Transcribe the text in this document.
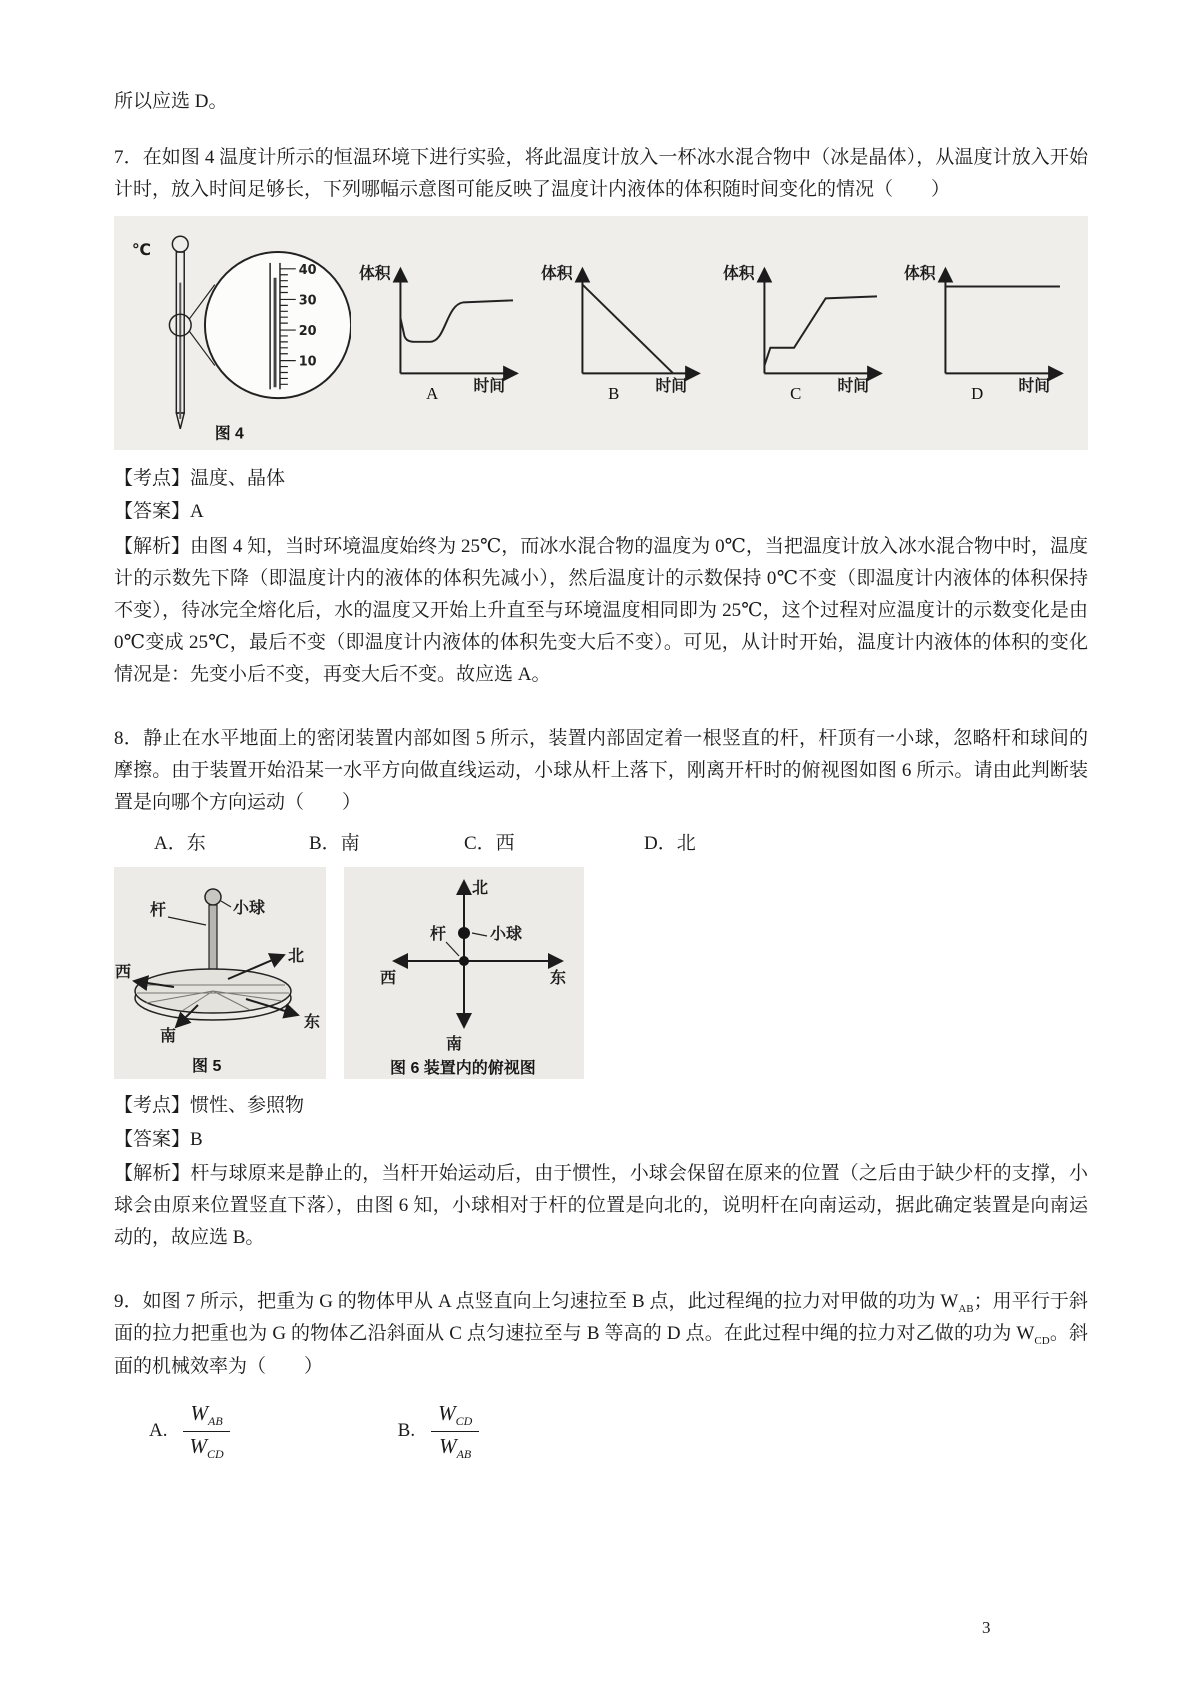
所以应选 D。

7．在如图 4 温度计所示的恒温环境下进行实验，将此温度计放入一杯冰水混合物中（冰是晶体），从温度计放入开始计时，放入时间足够长，下列哪幅示意图可能反映了温度计内液体的体积随时间变化的情况（　　）

℃
40
30
20
10
图 4
体积
时间
A
体积
时间
B
体积
时间
C
体积
时间
D

【考点】温度、晶体

【答案】A

【解析】由图 4 知，当时环境温度始终为 25℃，而冰水混合物的温度为 0℃，当把温度计放入冰水混合物中时，温度计的示数先下降（即温度计内的液体的体积先减小），然后温度计的示数保持 0℃不变（即温度计内液体的体积保持不变），待冰完全熔化后，水的温度又开始上升直至与环境温度相同即为 25℃，这个过程对应温度计的示数变化是由 0℃变成 25℃，最后不变（即温度计内液体的体积先变大后不变）。可见，从计时开始，温度计内液体的体积的变化情况是：先变小后不变，再变大后不变。故应选 A。

8．静止在水平地面上的密闭装置内部如图 5 所示，装置内部固定着一根竖直的杆，杆顶有一小球，忽略杆和球间的摩擦。由于装置开始沿某一水平方向做直线运动，小球从杆上落下，刚离开杆时的俯视图如图 6 所示。请由此判断装置是向哪个方向运动（　　）

A．东	B．南	C．西	D．北
小球
杆
北
西
东
南
图 5
北
南
西	东
杆	小球
图 6 装置内的俯视图

【考点】惯性、参照物

【答案】B

【解析】杆与球原来是静止的，当杆开始运动后，由于惯性，小球会保留在原来的位置（之后由于缺少杆的支撑，小球会由原来位置竖直下落），由图 6 知，小球相对于杆的位置是向北的，说明杆在向南运动，据此确定装置是向南运动的，故应选 B。

9．如图 7 所示，把重为 G 的物体甲从 A 点竖直向上匀速拉至 B 点，此过程绳的拉力对甲做的功为 $W_{AB}$；用平行于斜面的拉力把重也为 G 的物体乙沿斜面从 C 点匀速拉至与 B 等高的 D 点。在此过程中绳的拉力对乙做的功为 $W_{CD}$。斜面的机械效率为（　　）

A. $\frac{W_{AB}}{W_{CD}}$	B. $\frac{W_{CD}}{W_{AB}}$
3
